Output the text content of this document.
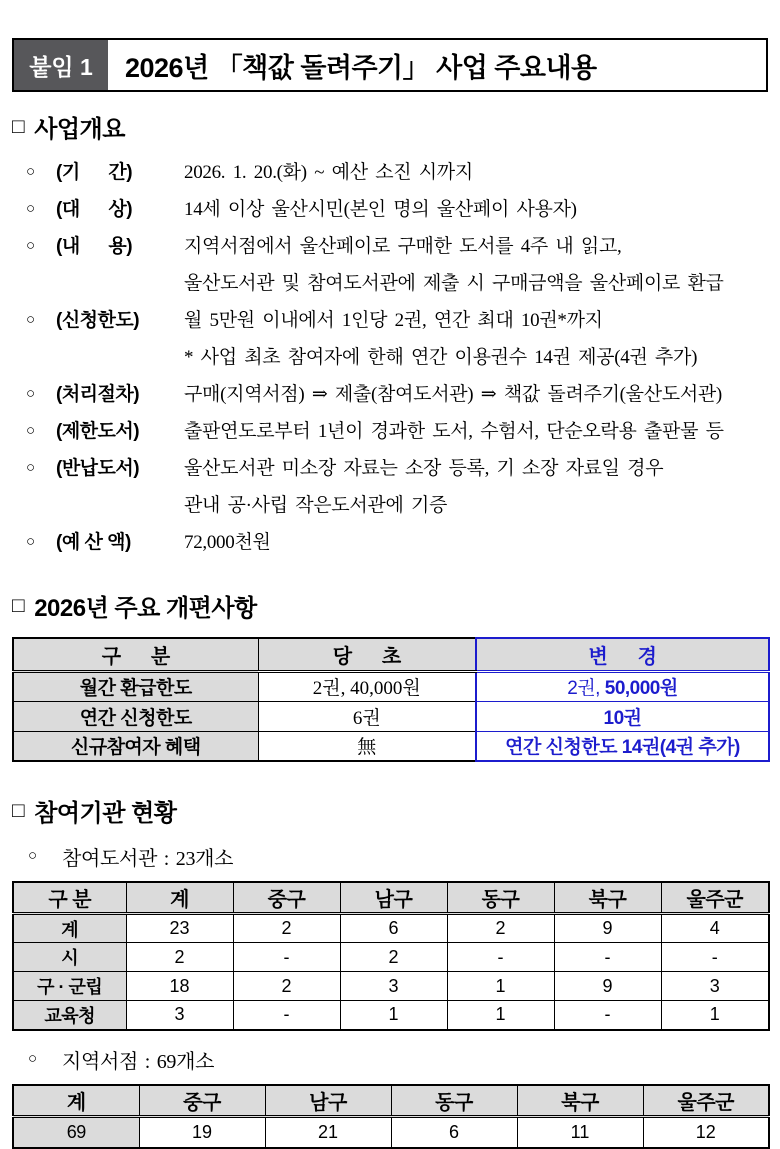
붙임 1	2026년 「책값 돌려주기」 사업 주요내용
□ 사업개요
○	(기      간)	2026. 1. 20.(화) ~ 예산 소진 시까지
○	(대      상)	14세 이상 울산시민(본인 명의 울산페이 사용자)
○	(내      용)	지역서점에서 울산페이로 구매한 도서를 4주 내 읽고,
울산도서관 및 참여도서관에 제출 시 구매금액을 울산페이로 환급
○	(신청한도)	월 5만원 이내에서 1인당 2권, 연간 최대 10권*까지
* 사업 최초 참여자에 한해 연간 이용권수 14권 제공(4권 추가)
○	(처리절차)	구매(지역서점) ⇒ 제출(참여도서관) ⇒ 책값 돌려주기(울산도서관)
○	(제한도서)	출판연도로부터 1년이 경과한 도서, 수험서, 단순오락용 출판물 등
○	(반납도서)	울산도서관 미소장 자료는 소장 등록, 기 소장 자료일 경우
관내 공·사립 작은도서관에 기증
○	(예 산 액)	72,000천원
□ 2026년 주요 개편사항
구      분	당      초	변      경
월간 환급한도	2권, 40,000원	2권, 50,000원
연간 신청한도	6권	10권
신규참여자 혜택	無	연간 신청한도 14권(4권 추가)
□ 참여기관 현황
○	참여도서관 : 23개소
구 분	계	중구	남구	동구	북구	울주군
계	23	2	6	2	9	4
시	2	-	2	-	-	-
구 · 군립	18	2	3	1	9	3
교육청	3	-	1	1	-	1
○	지역서점 : 69개소
계	중구	남구	동구	북구	울주군
69	19	21	6	11	12
